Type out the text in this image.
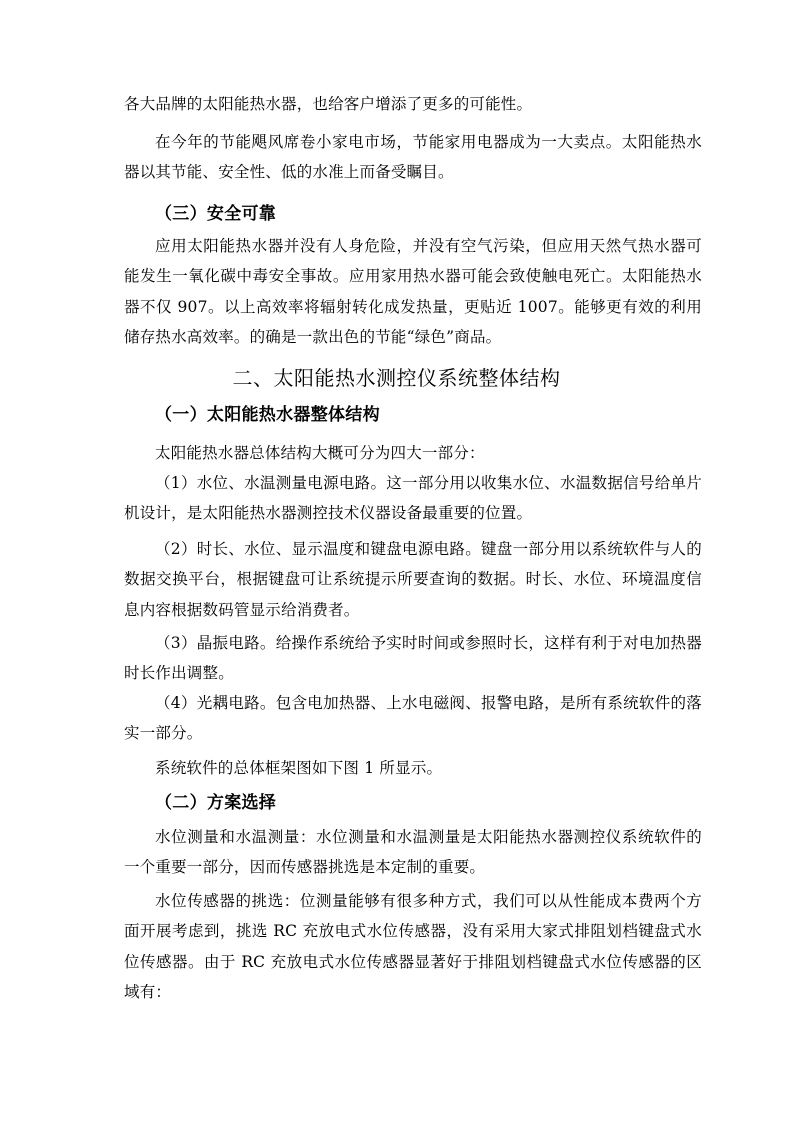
各大品牌的太阳能热水器，也给客户增添了更多的可能性。

在今年的节能飓风席卷小家电市场，节能家用电器成为一大卖点。太阳能热水器以其节能、安全性、低的水准上而备受瞩目。

（三）安全可靠

应用太阳能热水器并没有人身危险，并没有空气污染，但应用天然气热水器可能发生一氧化碳中毒安全事故。应用家用热水器可能会致使触电死亡。太阳能热水器不仅 907。以上高效率将辐射转化成发热量，更贴近 1007。能够更有效的利用储存热水高效率。的确是一款出色的节能“绿色”商品。

二、太阳能热水测控仪系统整体结构
（一）太阳能热水器整体结构

太阳能热水器总体结构大概可分为四大一部分：

（1）水位、水温测量电源电路。这一部分用以收集水位、水温数据信号给单片机设计，是太阳能热水器测控技术仪器设备最重要的位置。

（2）时长、水位、显示温度和键盘电源电路。键盘一部分用以系统软件与人的数据交换平台，根据键盘可让系统提示所要查询的数据。时长、水位、环境温度信息内容根据数码管显示给消费者。

（3）晶振电路。给操作系统给予实时时间或参照时长，这样有利于对电加热器时长作出调整。

（4）光耦电路。包含电加热器、上水电磁阀、报警电路，是所有系统软件的落实一部分。

系统软件的总体框架图如下图 1 所显示。

（二）方案选择

水位测量和水温测量：水位测量和水温测量是太阳能热水器测控仪系统软件的一个重要一部分，因而传感器挑选是本定制的重要。

水位传感器的挑选：位测量能够有很多种方式，我们可以从性能成本费两个方面开展考虑到，挑选 RC 充放电式水位传感器，没有采用大家式排阻划档键盘式水位传感器。由于 RC 充放电式水位传感器显著好于排阻划档键盘式水位传感器的区域有：
